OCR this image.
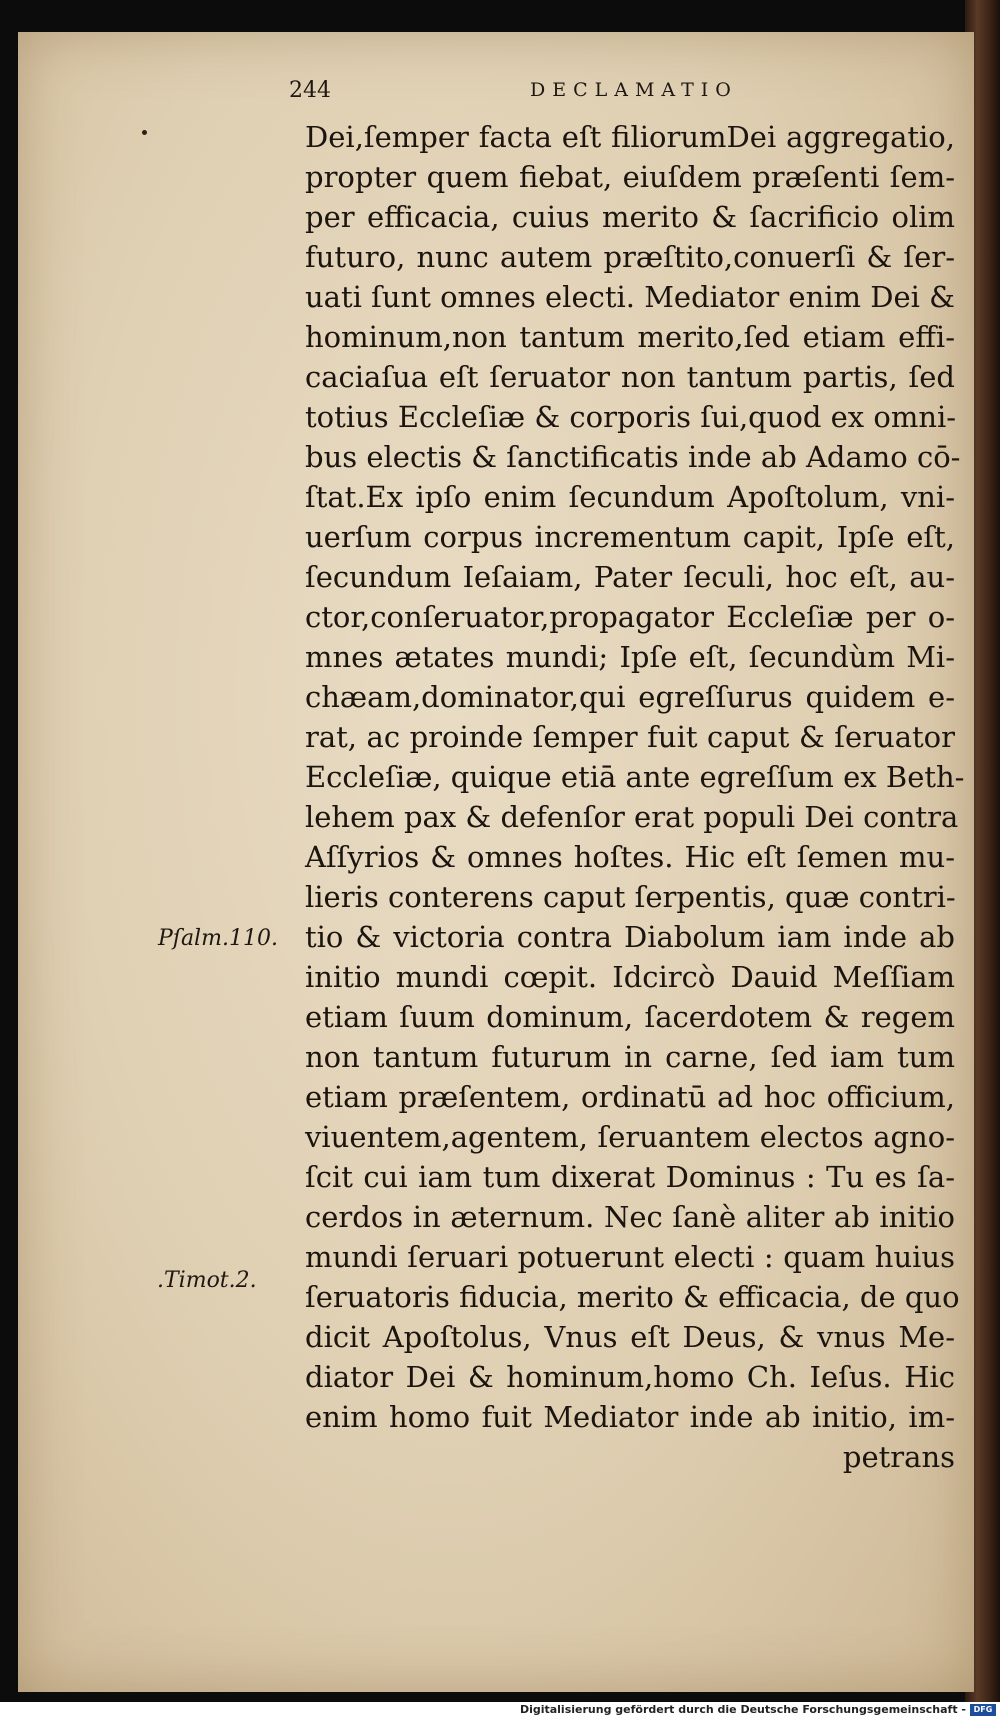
244	DECLAMATIO
Dei,ſemper facta eſt filiorumDei aggregatio,
propter quem fiebat, eiuſdem præſenti ſem-
per efficacia, cuius merito & ſacrificio olim
futuro, nunc autem præſtito,conuerſi & ſer-
uati ſunt omnes electi. Mediator enim Dei &
hominum,non tantum merito,ſed etiam effi-
caciaſua eſt ſeruator non tantum partis, ſed
totius Eccleſiæ & corporis ſui,quod ex omni-
bus electis & ſanctificatis inde ab Adamo cō-
ſtat.Ex ipſo enim ſecundum Apoſtolum, vni-
uerſum corpus incrementum capit, Ipſe eſt,
ſecundum Ieſaiam, Pater ſeculi, hoc eſt, au-
ctor,conſeruator,propagator Eccleſiæ per o-
mnes ætates mundi; Ipſe eſt, ſecundùm Mi-
chæam,dominator,qui egreſſurus quidem e-
rat, ac proinde ſemper fuit caput & ſeruator
Eccleſiæ, quique etiā ante egreſſum ex Beth-
lehem pax & defenſor erat populi Dei contra
Aſſyrios & omnes hoſtes. Hic eſt ſemen mu-
lieris conterens caput ſerpentis, quæ contri-
tio & victoria contra Diabolum iam inde ab
initio mundi cœpit. Idcircò Dauid Meſſiam
etiam ſuum dominum, ſacerdotem & regem
non tantum futurum in carne, ſed iam tum
etiam præſentem, ordinatū ad hoc officium,
viuentem,agentem, ſeruantem electos agno-
ſcit cui iam tum dixerat Dominus : Tu es ſa-
cerdos in æternum. Nec ſanè aliter ab initio
mundi ſeruari potuerunt electi : quam huius
ſeruatoris fiducia, merito & efficacia, de quo
dicit Apoſtolus, Vnus eſt Deus, & vnus Me-
diator Dei & hominum,homo Ch. Ieſus. Hic
enim homo fuit Mediator inde ab initio, im-
petrans
Pſalm.110.
.Timot.2.
Digitalisierung gefördert durch die Deutsche Forschungsgemeinschaft - DFG
